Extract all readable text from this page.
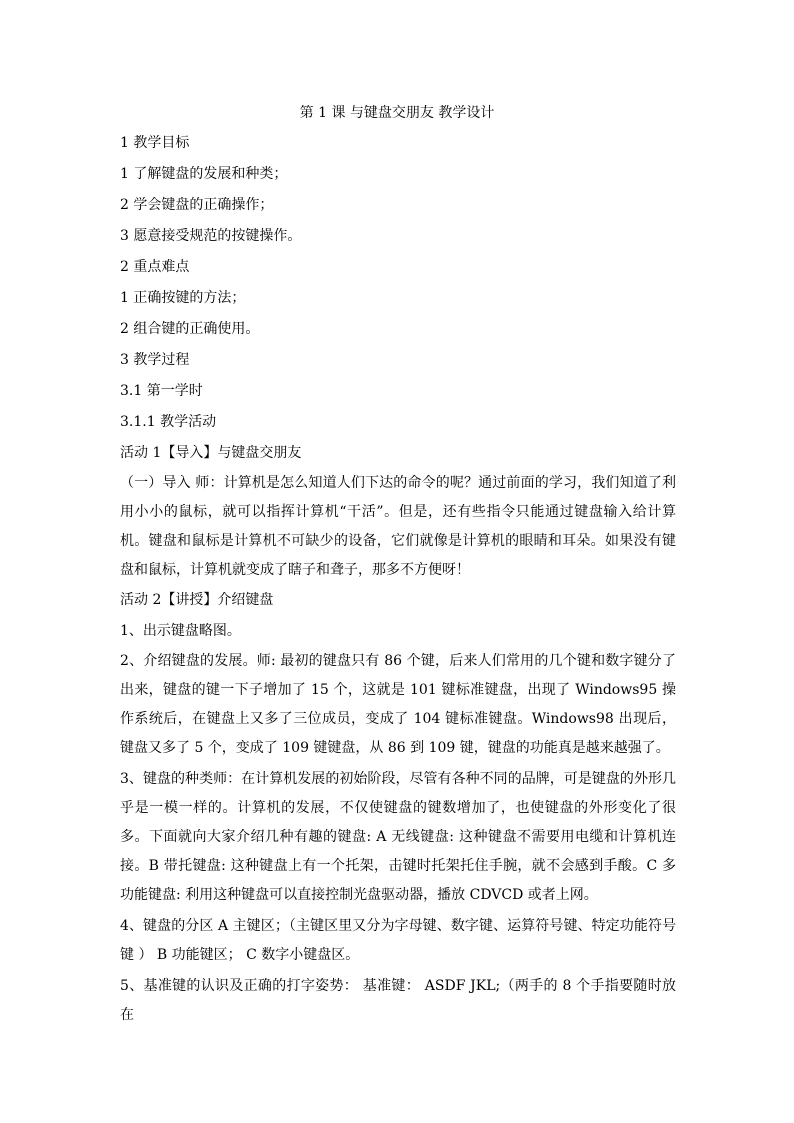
第 1 课 与键盘交朋友 教学设计
1 教学目标
1 了解键盘的发展和种类；
2 学会键盘的正确操作；
3 愿意接受规范的按键操作。
2 重点难点
1 正确按键的方法；
2 组合键的正确使用。
3 教学过程
3.1 第一学时
3.1.1 教学活动
活动 1【导入】与键盘交朋友
（一）导入 师：计算机是怎么知道人们下达的命令的呢？通过前面的学习，我们知道了利用小小的鼠标，就可以指挥计算机“干活”。但是，还有些指令只能通过键盘输入给计算机。键盘和鼠标是计算机不可缺少的设备，它们就像是计算机的眼睛和耳朵。如果没有键盘和鼠标，计算机就变成了瞎子和聋子，那多不方便呀！
活动 2【讲授】介绍键盘
1、出示键盘略图。
2、介绍键盘的发展。师: 最初的键盘只有 86 个键，后来人们常用的几个键和数字键分了出来，键盘的键一下子增加了 15 个，这就是 101 键标准键盘，出现了 Windows95 操作系统后，在键盘上又多了三位成员，变成了 104 键标准键盘。Windows98 出现后，键盘又多了 5 个，变成了 109 键键盘，从 86 到 109 键，键盘的功能真是越来越强了。
3、键盘的种类师：在计算机发展的初始阶段，尽管有各种不同的品牌，可是键盘的外形几乎是一模一样的。计算机的发展，不仅使键盘的键数增加了，也使键盘的外形变化了很多。下面就向大家介绍几种有趣的键盘: A 无线键盘: 这种键盘不需要用电缆和计算机连接。B 带托键盘: 这种键盘上有一个托架，击键时托架托住手腕，就不会感到手酸。C 多功能键盘: 利用这种键盘可以直接控制光盘驱动器，播放 CDVCD 或者上网。
4、键盘的分区 A 主键区；（主键区里又分为字母键、数字键、运算符号键、特定功能符号键 ） B 功能键区； C 数字小键盘区。
5、基准键的认识及正确的打字姿势： 基准键： ASDF JKL;（两手的 8 个手指要随时放在
